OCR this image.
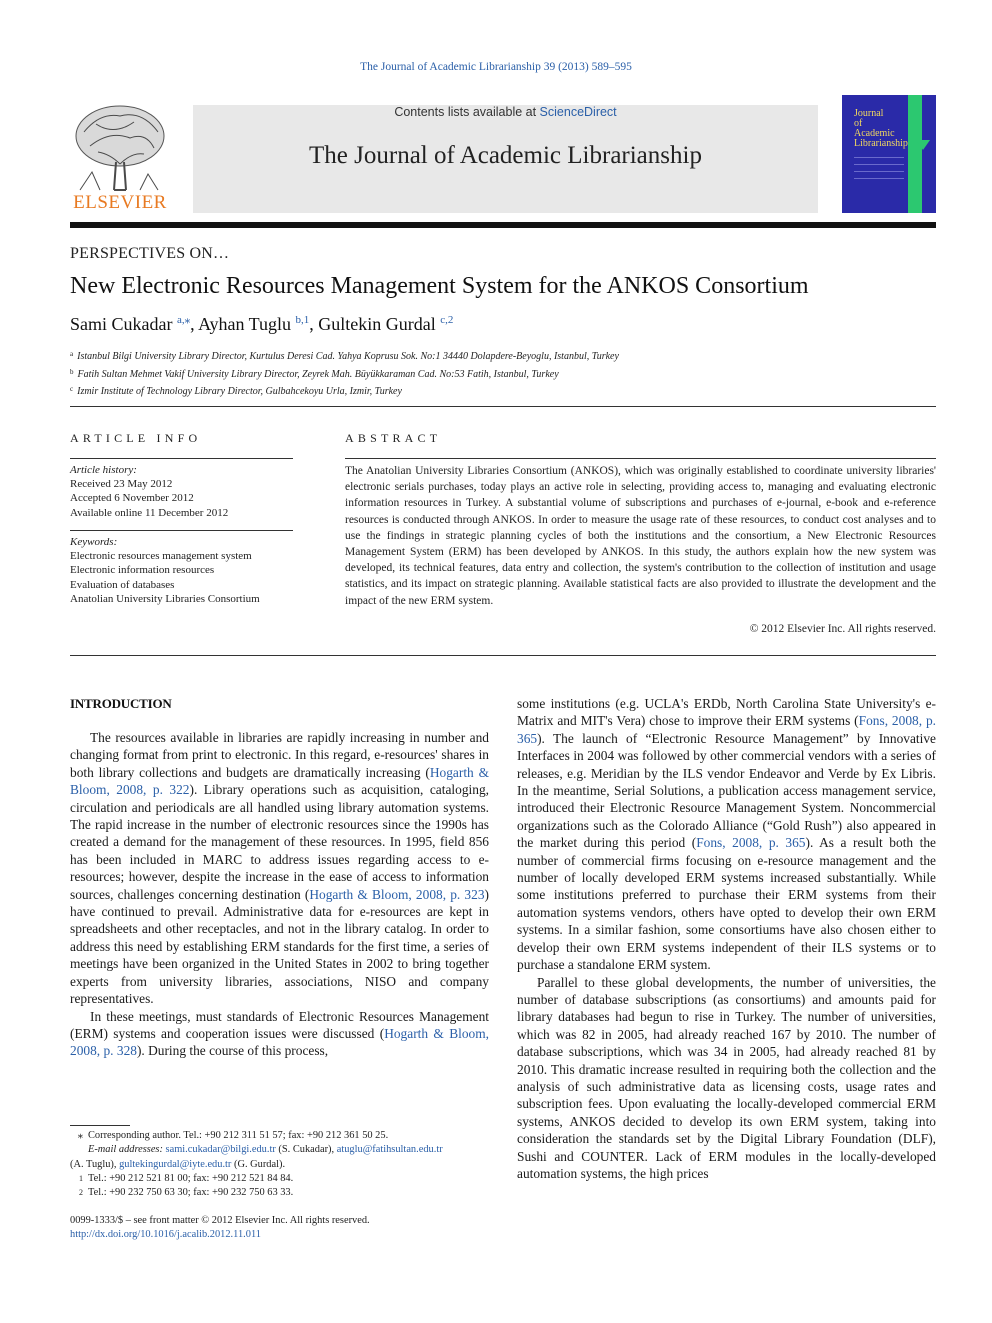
The Journal of Academic Librarianship 39 (2013) 589–595
ELSEVIER
Contents lists available at ScienceDirect
The Journal of Academic Librarianship
Journal
of
Academic
Librarianship
PERSPECTIVES ON…
New Electronic Resources Management System for the ANKOS Consortium
Sami Cukadar $^{a,⁎}$, Ayhan Tuglu $^{b,1}$, Gultekin Gurdal $^{c,2}$
$^a$ Istanbul Bilgi University Library Director, Kurtulus Deresi Cad. Yahya Koprusu Sok. No:1 34440 Dolapdere-Beyoglu, Istanbul, Turkey
$^b$ Fatih Sultan Mehmet Vakif University Library Director, Zeyrek Mah. Büyükkaraman Cad. No:53 Fatih, Istanbul, Turkey
$^c$ Izmir Institute of Technology Library Director, Gulbahcekoyu Urla, Izmir, Turkey
ARTICLE INFO
Article history:
Received 23 May 2012
Accepted 6 November 2012
Available online 11 December 2012
Keywords:
Electronic resources management system
Electronic information resources
Evaluation of databases
Anatolian University Libraries Consortium
ABSTRACT
The Anatolian University Libraries Consortium (ANKOS), which was originally established to coordinate university libraries' electronic serials purchases, today plays an active role in selecting, providing access to, managing and evaluating electronic information resources in Turkey. A substantial volume of subscriptions and purchases of e-journal, e-book and e-reference resources is conducted through ANKOS. In order to measure the usage rate of these resources, to conduct cost analyses and to use the findings in strategic planning cycles of both the institutions and the consortium, a New Electronic Resources Management System (ERM) has been developed by ANKOS. In this study, the authors explain how the new system was developed, its technical features, data entry and collection, the system's contribution to the collection of institution and usage statistics, and its impact on strategic planning. Available statistical facts are also provided to illustrate the development and the impact of the new ERM system.
© 2012 Elsevier Inc. All rights reserved.
INTRODUCTION

The resources available in libraries are rapidly increasing in number and changing format from print to electronic. In this regard, e-resources' shares in both library collections and budgets are dramatically increasing (Hogarth & Bloom, 2008, p. 322). Library operations such as acquisition, cataloging, circulation and periodicals are all handled using library automation systems. The rapid increase in the number of electronic resources since the 1990s has created a demand for the management of these resources. In 1995, field 856 has been included in MARC to address issues regarding access to e-resources; however, despite the increase in the ease of access to information sources, challenges concerning destination (Hogarth & Bloom, 2008, p. 323) have continued to prevail. Administrative data for e-resources are kept in spreadsheets and other receptacles, and not in the library catalog. In order to address this need by establishing ERM standards for the first time, a series of meetings have been organized in the United States in 2002 to bring together experts from university libraries, associations, NISO and company representatives.

In these meetings, must standards of Electronic Resources Management (ERM) systems and cooperation issues were discussed (Hogarth & Bloom, 2008, p. 328). During the course of this process,

some institutions (e.g. UCLA's ERDb, North Carolina State University's e-Matrix and MIT's Vera) chose to improve their ERM systems (Fons, 2008, p. 365). The launch of “Electronic Resource Management” by Innovative Interfaces in 2004 was followed by other commercial vendors with a series of releases, e.g. Meridian by the ILS vendor Endeavor and Verde by Ex Libris. In the meantime, Serial Solutions, a publication access management service, introduced their Electronic Resource Management System. Noncommercial organizations such as the Colorado Alliance (“Gold Rush”) also appeared in the market during this period (Fons, 2008, p. 365). As a result both the number of commercial firms focusing on e-resource management and the number of locally developed ERM systems increased substantially. While some institutions preferred to purchase their ERM systems from their automation systems vendors, others have opted to develop their own ERM systems. In a similar fashion, some consortiums have also chosen either to develop their own ERM systems independent of their ILS systems or to purchase a standalone ERM system.

Parallel to these global developments, the number of universities, the number of database subscriptions (as consortiums) and amounts paid for library databases had begun to rise in Turkey. The number of universities, which was 82 in 2005, had already reached 167 by 2010. The number of database subscriptions, which was 34 in 2005, had already reached 81 by 2010. This dramatic increase resulted in requiring both the collection and the analysis of such administrative data as licensing costs, usage rates and subscription fees. Upon evaluating the locally-developed commercial ERM systems, ANKOS decided to develop its own ERM system, taking into consideration the standards set by the Digital Library Foundation (DLF), Sushi and COUNTER. Lack of ERM modules in the locally-developed automation systems, the high prices

⁎ Corresponding author. Tel.: +90 212 311 51 57; fax: +90 212 361 50 25.
E-mail addresses: sami.cukadar@bilgi.edu.tr (S. Cukadar), atuglu@fatihsultan.edu.tr
(A. Tuglu), gultekingurdal@iyte.edu.tr (G. Gurdal).
1 Tel.: +90 212 521 81 00; fax: +90 212 521 84 84.
2 Tel.: +90 232 750 63 30; fax: +90 232 750 63 33.
0099-1333/$ – see front matter © 2012 Elsevier Inc. All rights reserved.
http://dx.doi.org/10.1016/j.acalib.2012.11.011
